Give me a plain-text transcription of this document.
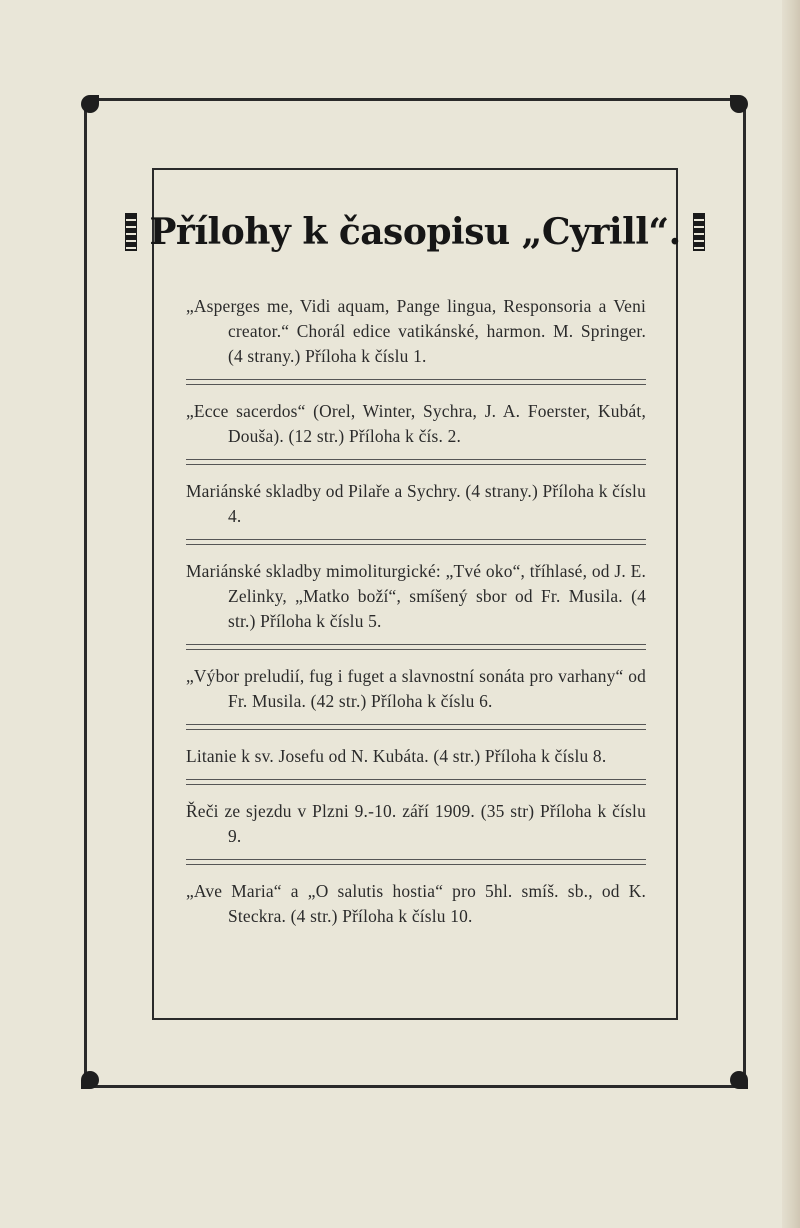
Přílohy k časopisu „Cyrill“.
„Asperges me, Vidi aquam, Pange lingua, Responsoria a Veni creator.“ Chorál edice vatikánské, harmon. M. Springer. (4 strany.) Příloha k číslu 1.
„Ecce sacerdos“ (Orel, Winter, Sychra, J. A. Foerster, Kubát, Douša). (12 str.) Příloha k čís. 2.
Mariánské skladby od Pilaře a Sychry. (4 strany.) Příloha k číslu 4.
Mariánské skladby mimoliturgické: „Tvé oko“, tříhlasé, od J. E. Zelinky, „Matko boží“, smíšený sbor od Fr. Musila. (4 str.) Příloha k číslu 5.
„Výbor preludií, fug i fuget a slavnostní sonáta pro varhany“ od Fr. Musila. (42 str.) Příloha k číslu 6.
Litanie k sv. Josefu od N. Kubáta. (4 str.) Příloha k číslu 8.
Řeči ze sjezdu v Plzni 9.-10. září 1909. (35 str) Příloha k číslu 9.
„Ave Maria“ a „O salutis hostia“ pro 5hl. smíš. sb., od K. Steckra. (4 str.) Příloha k číslu 10.
